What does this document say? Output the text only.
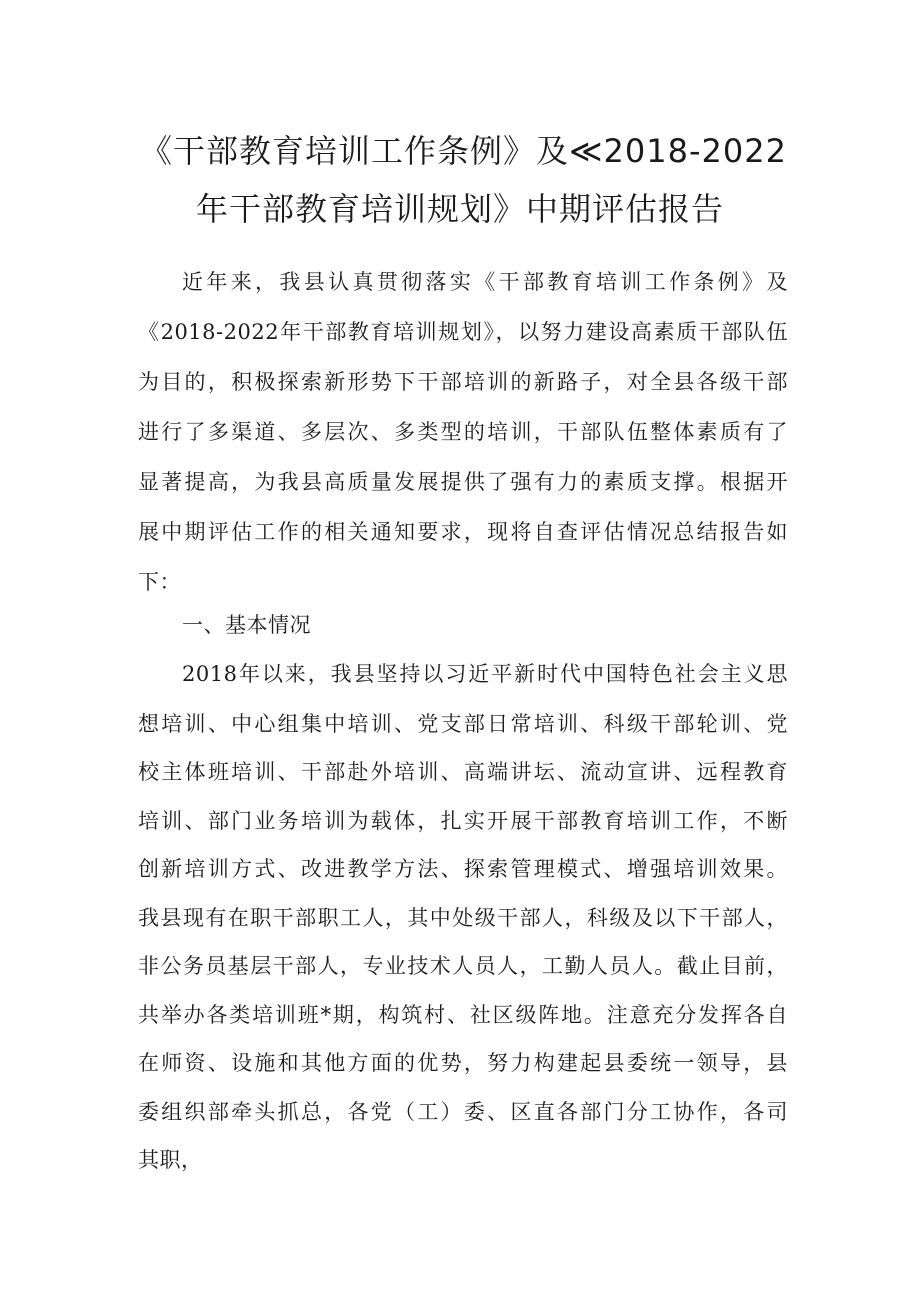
《干部教育培训工作条例》及≪2018-2022
年干部教育培训规划》中期评估报告
近年来，我县认真贯彻落实《干部教育培训工作条例》及
《2018-2022年干部教育培训规划》，以努力建设高素质干部队伍
为目的，积极探索新形势下干部培训的新路子，对全县各级干部
进行了多渠道、多层次、多类型的培训，干部队伍整体素质有了
显著提高，为我县高质量发展提供了强有力的素质支撑。根据开
展中期评估工作的相关通知要求，现将自查评估情况总结报告如
下：
一、基本情况
2018年以来，我县坚持以习近平新时代中国特色社会主义思
想培训、中心组集中培训、党支部日常培训、科级干部轮训、党
校主体班培训、干部赴外培训、高端讲坛、流动宣讲、远程教育
培训、部门业务培训为载体，扎实开展干部教育培训工作，不断
创新培训方式、改进教学方法、探索管理模式、增强培训效果。
我县现有在职干部职工人，其中处级干部人，科级及以下干部人，
非公务员基层干部人，专业技术人员人，工勤人员人。截止目前，
共举办各类培训班*期，构筑村、社区级阵地。注意充分发挥各自
在师资、设施和其他方面的优势，努力构建起县委统一领导，县
委组织部牵头抓总，各党（工）委、区直各部门分工协作，各司
其职，
